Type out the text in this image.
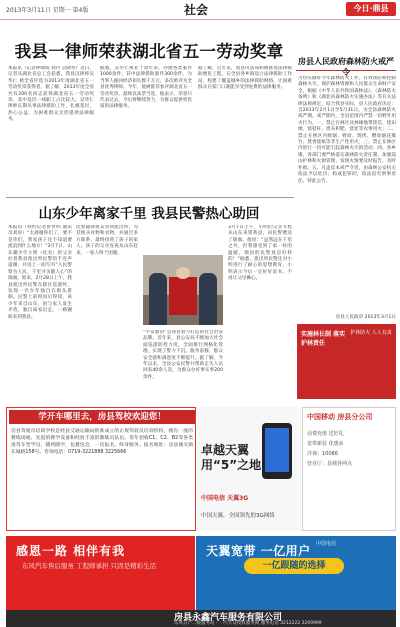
2013年3月11日 星期一 第4版	社会	今日·鼎县
我县一律师荣获湖北省五一劳动奖章
本报讯（记者钟啸成 刘丹 吴晓琴）近日，记者从湖北省总工会获悉，我县汉律师吴华仁 被全省评选为2013年度湖北省五一劳动奖章获得者。据了解，2013年度全省共有200名同志获得湖北省五一劳动奖章，其中基层一线职工占比较大。吴华仁律师长期从事法律援助工作，扎根基层，热心公益，为困难群众无偿提供法律服务。
据悉，吴华仁执业十余年来，办理各类案件1000余件，其中法律援助案件300余件，为当事人挽回经济损失数千万元，多次被评为全县优秀律师。今年，他被推荐参评湖北省五一劳动奖章，最终以高票当选。他表示，荣誉只代表过去，今后将继续努力，为群众提供更优质的法律服务。
据了解，近年来，我县司法局积极推进法律援助便民工程，在全县各乡镇设立法律援助工作站，构建了覆盖城乡的法律援助网络，让困难群众在家门口就能享受到免费的法律服务。
山东少年离家千里 我县民警热心助回
本报讯（特约记者曾世明 通讯员刘涛）“太感谢你们了，要不是你们，我家孩子还不知道要流浪到什么地方！”3月7日，山东籍少年小明（化名）的父亲拉着我县派出所民警的手连声道谢，并送上一面写有“人民警察为人民，千里寻亲暖人心”的锦旗。原来，2月28日上午，我县派出所民警在辖区巡逻时，发现一名少年独自在街头徘徊。民警上前询问后得知，该少年来自山东，因与家人发生矛盾，独自离家出走，一路辗转来到我县。
民警随即将其带回派出所，为其购买食物和衣物，并通过多方联系，最终找到了孩子的家人。孩子的父亲连夜从山东赶来，一家人终于团聚。
“平安鼎县”是我县着力打造的社会治安品牌。近年来，县公安局不断加大社会面巡逻防控力度，全面推行网格化管理，实现了警力下沉、服务前移，群众安全感和满意度不断提升。据了解，今年以来，全县公安民警共帮助走失人员回家40余人次，为群众办好事实事200余件。
3月7日上午，小明的父亲专程从山东来到我县，向民警赠送了锦旗。他说：“虽然远在千里之外，但我感受到了家一样的温暖。鼎县的民警真是好样的！”据悉，派出所民警还对小明进行了耐心的思想教育，小明表示今后一定好好读书，不再让父母操心。
房县人民政府森林防火戒严令
为切实做好今年森林防火工作，有效预防和控制森林火灾，保护森林资源和人民群众生命财产安全，根据《中华人民共和国森林法》、《森林防火条例》和《湖北省森林防火实施办法》等有关法律法规规定，结合我县实际，县人民政府决定：自2013年2月1日至5月31日，为全县森林防火戒严期。戒严期内，全县范围内严禁一切野外用火行为。一、禁止在林区及林缘地带烧荒、烧田埂、烧秸秆、烧灰积肥、烧炭等农事用火；二、禁止在林区内吸烟、野炊、烧烤、燃放烟花爆竹、焚香烧纸等非生产性用火；三、禁止在林区内进行一切可能引起森林火灾的活动；四、各乡镇、各部门要严格落实森林防火责任制，加强巡山护林和火源管理，发现火情要及时报告、及时扑救。五、凡违反本戒严令者，由森林公安机关依法予以处罚；构成犯罪的，依法追究刑事责任。特此公告。
房县人民政府 2013年3月1日
实施林长制 落实护林责任
护林防火 人人有责
学开车哪里去，房县驾校欢迎您！
房县驾驶员培训学校是经县交通运输局批准成立的正规驾驶员培训机构，拥有一流的教练场地、先进的教学设备和经验丰富的教练员队伍。常年招收C1、C2、B2等各类准驾车型学员，随到随学，包教包会，一次报名，终身服务。报名地址：房县城关镇东城路158号。咨询电话：0719-3221888 3225666	卓越天翼 用“5”之地
中国电信 天翼3G
中国天翼，全国领先的3G网络
中国移动 房县分公司
话费充值 送好礼
宽带新装 优惠多
详询：10086
营业厅：县城各网点
感恩一路 相伴有我
东风汽车售后服务 工程师承担 只因是精彩生活
天翼宽带 一亿用户
一亿跟随的选择
中国电信
房县永鑫汽车服务有限公司
东风日产二级服务站 · 一汽大众授权服务商 服务电话 3212222 3209999
